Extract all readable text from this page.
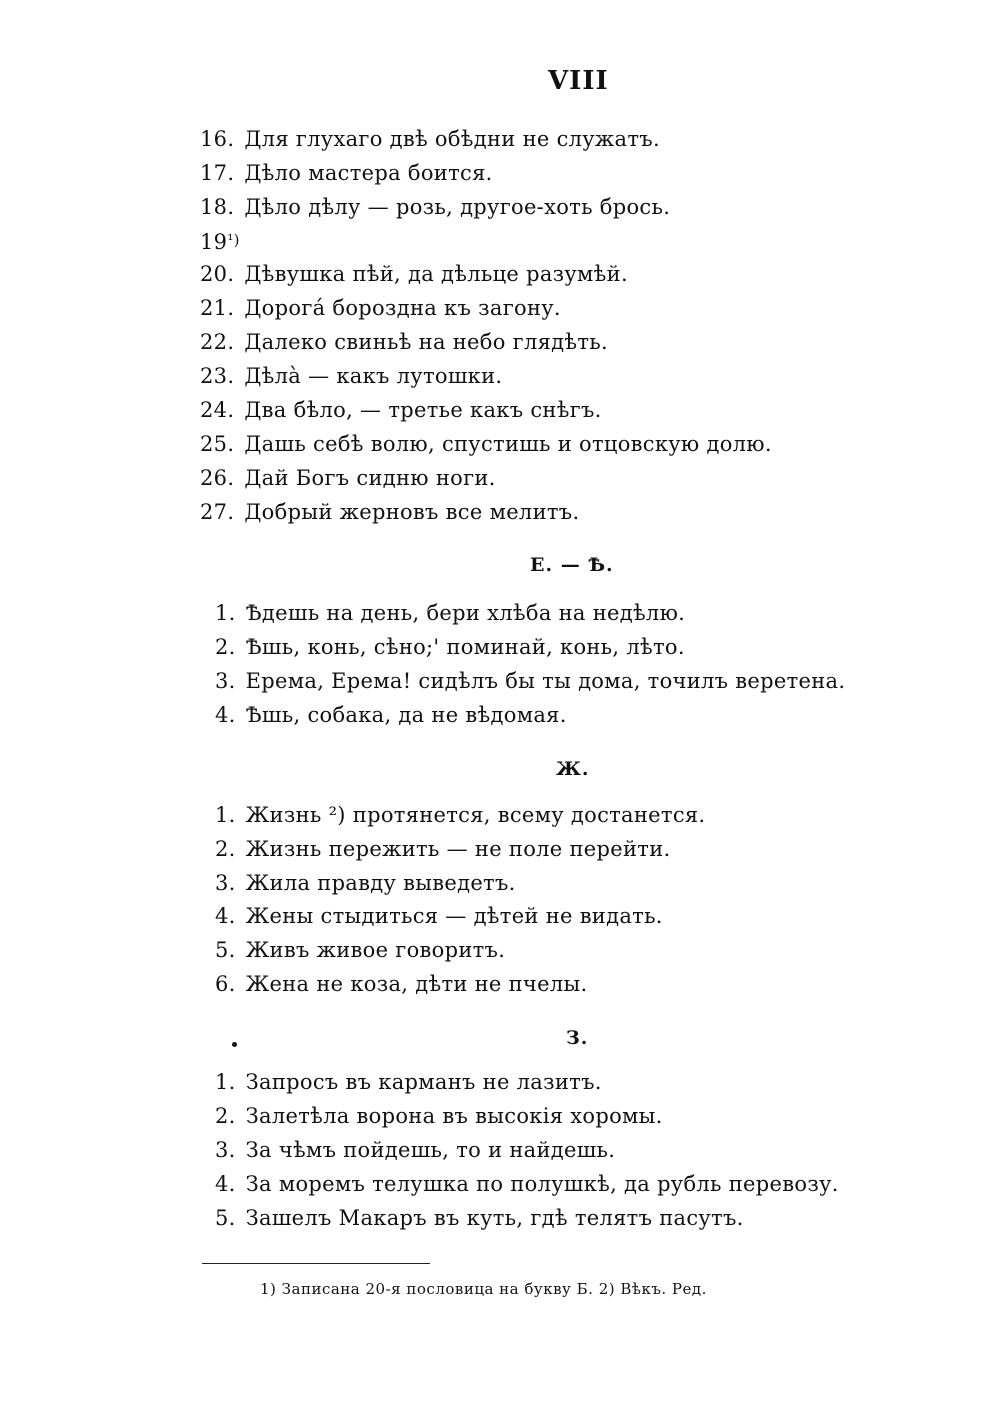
VIII
16. Для глухаго двѣ обѣдни не служатъ.
17. Дѣло мастера боится.
18. Дѣло дѣлу — розь, другое-хоть брось.
19¹)
20. Дѣвушка пѣй, да дѣльце разумѣй.
21. Дорогá борозднa къ загону.
22. Далеко свиньѣ на небо глядѣть.
23. Дѣлà — какъ лутошки.
24. Два бѣло, — третье какъ снѣгъ.
25. Дашь себѣ волю, спустишь и отцовскую долю.
26. Дай Богъ сидню ноги.
27. Добрый жерновъ все мелитъ.
Е. — Ѣ.
1. Ѣдешь на день, бери хлѣба на недѣлю.
2. Ѣшь, конь, сѣно;' поминай, конь, лѣто.
3. Ерема, Ерема! сидѣлъ бы ты дома, точилъ веретена.
4. Ѣшь, собака, да не вѣдомая.
Ж.
1. Жизнь ²) протянется, всему достанется.
2. Жизнь пережить — не поле перейти.
3. Жила правду выведетъ.
4. Жены стыдиться — дѣтей не видать.
5. Живъ живое говоритъ.
6. Жена не коза, дѣти не пчелы.
З.
1. Запросъ въ карманъ не лазитъ.
2. Залетѣла ворона въ высокiя хоромы.
3. За чѣмъ пойдешь, то и найдешь.
4. За моремъ телушка по полушкѣ, да рубль перевозу.
5. Зашелъ Макаръ въ куть, гдѣ телятъ пасутъ.
1) Записана 20-я пословица на букву Б. 2) Вѣкъ. Ред.
